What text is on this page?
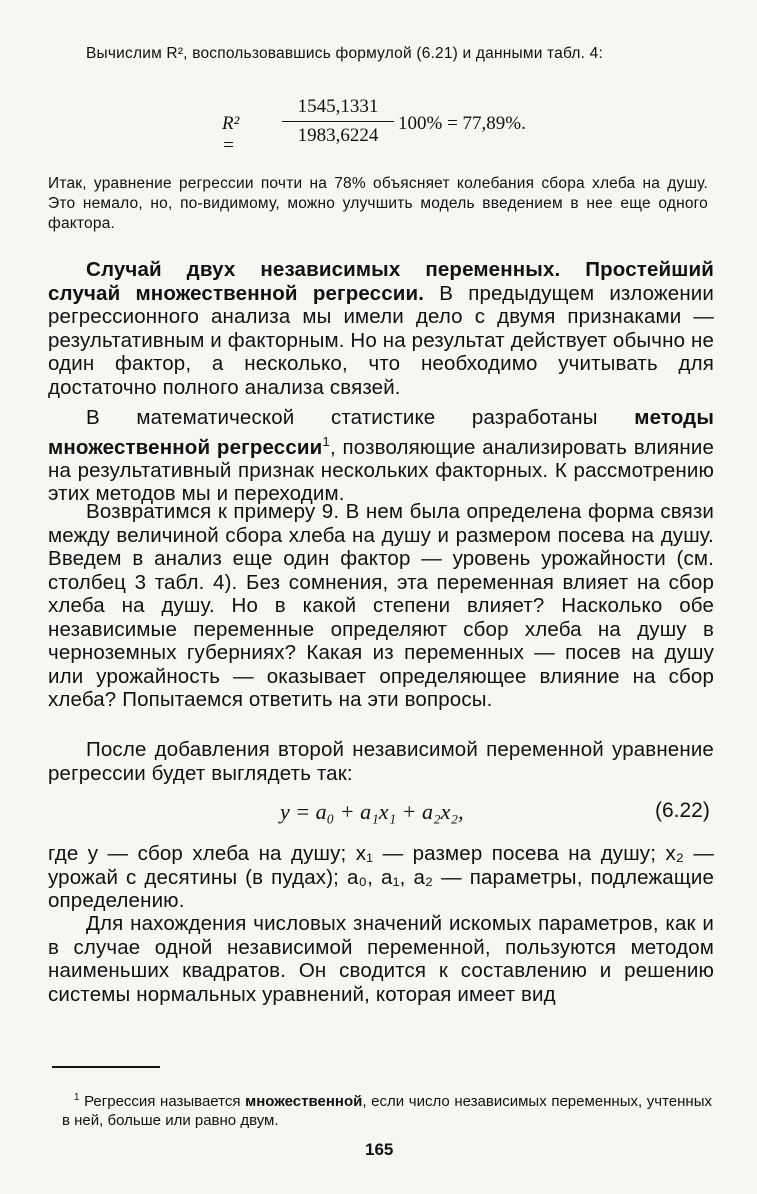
Вычислим R², воспользовавшись формулой (6.21) и данными табл. 4:
$R^2 = \frac{1545,1331}{1983,6224} 100\% = 77,89\%$.
Итак, уравнение регрессии почти на 78% объясняет колебания сбора хлеба на душу. Это немало, но, по-видимому, можно улучшить модель введением в нее еще одного фактора.
Случай двух независимых переменных. Простейший случай множественной регрессии. В предыдущем изложении регрессионного анализа мы имели дело с двумя признаками — результативным и факторным. Но на результат действует обычно не один фактор, а несколько, что необходимо учитывать для достаточно полного анализа связей.
В математической статистике разработаны методы множественной регрессии$^1$, позволяющие анализировать влияние на результативный признак нескольких факторных. К рассмотрению этих методов мы и переходим.
Возвратимся к примеру 9. В нем была определена форма связи между величиной сбора хлеба на душу и размером посева на душу. Введем в анализ еще один фактор — уровень урожайности (см. столбец 3 табл. 4). Без сомнения, эта переменная влияет на сбор хлеба на душу. Но в какой степени влияет? Насколько обе независимые переменные определяют сбор хлеба на душу в черноземных губерниях? Какая из переменных — посев на душу или урожайность — оказывает определяющее влияние на сбор хлеба? Попытаемся ответить на эти вопросы.
После добавления второй независимой переменной уравнение регрессии будет выглядеть так:
y = a₀ + a₁x₁ + a₂x₂,	(6.22)
где y — сбор хлеба на душу; x₁ — размер посева на душу; x₂ — урожай с десятины (в пудах); a₀, a₁, a₂ — параметры, подлежащие определению.
Для нахождения числовых значений искомых параметров, как и в случае одной независимой переменной, пользуются методом наименьших квадратов. Он сводится к составлению и решению системы нормальных уравнений, которая имеет вид
$^1$ Регрессия называется множественной, если число независимых переменных, учтенных в ней, больше или равно двум.
165
